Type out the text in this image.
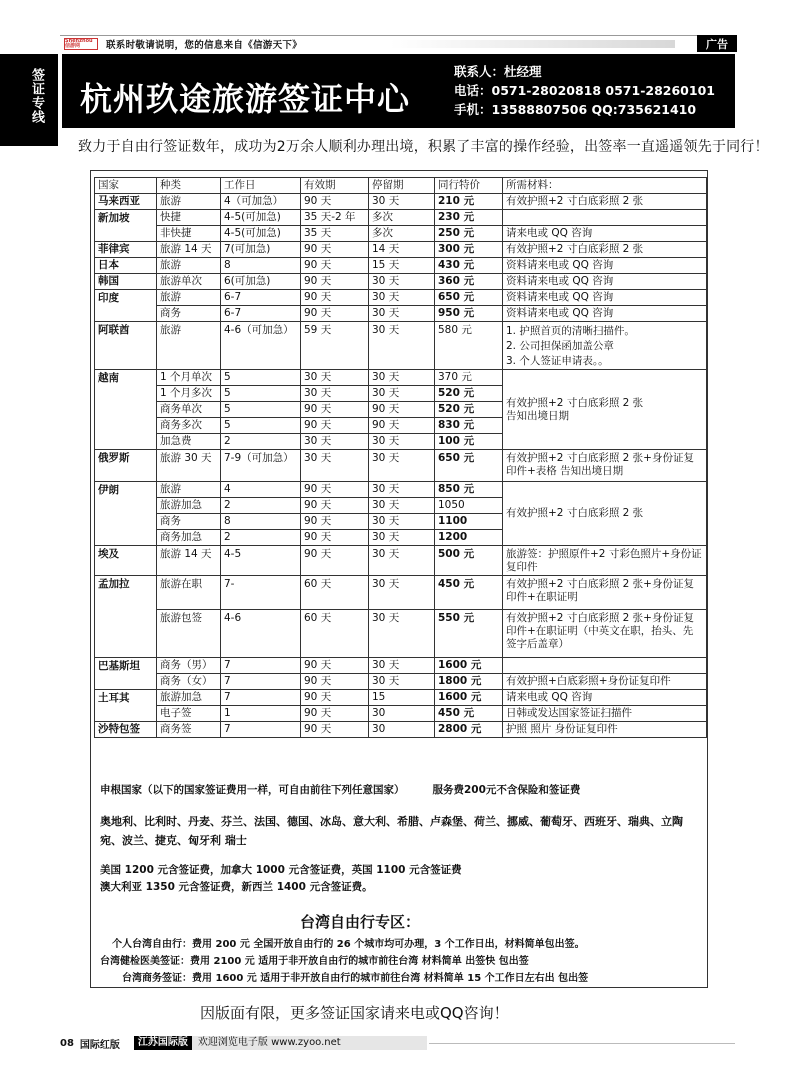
Shenzhou 信游网	联系时敬请说明，您的信息来自《信游天下》	广告
签证专线 杭州玖途旅游签证中心
联系人：杜经理
电话：0571-28020818 0571-28260101
手机：13588807506 QQ:735621410
致力于自由行签证数年，成功为2万余人顺利办理出境，积累了丰富的操作经验，出签率一直遥遥领先于同行！
国家	种类	工作日	有效期	停留期	同行特价	所需材料：
马来西亚	旅游	4（可加急）	90 天	30 天	210 元	有效护照+2 寸白底彩照 2 张
新加坡	快捷	4-5(可加急)	35 天-2 年	多次	230 元	
	非快捷	4-5(可加急)	35 天	多次	250 元	请来电或 QQ 咨询
菲律宾	旅游 14 天	7(可加急)	90 天	14 天	300 元	有效护照+2 寸白底彩照 2 张
日本	旅游	8	90 天	15 天	430 元	资料请来电或 QQ 咨询
韩国	旅游单次	6(可加急)	90 天	30 天	360 元	资料请来电或 QQ 咨询
印度	旅游	6-7	90 天	30 天	650 元	资料请来电或 QQ 咨询
	商务	6-7	90 天	30 天	950 元	资料请来电或 QQ 咨询
阿联酋	旅游	4-6（可加急）	59 天	30 天	580 元	1. 护照首页的清晰扫描件。
2. 公司担保函加盖公章
3. 个人签证申请表。。

越南	1 个月单次	5	30 天	30 天	370 元	有效护照+2 寸白底彩照 2 张
告知出境日期

	1 个月多次	5	30 天	30 天	520 元	
	商务单次	5	90 天	90 天	520 元	
	商务多次	5	90 天	90 天	830 元	
	加急费	2	30 天	30 天	100 元	
俄罗斯	旅游 30 天	7-9（可加急）	30 天	30 天	650 元	有效护照+2 寸白底彩照 2 张+身份证复印件+表格 告知出境日期
伊朗	旅游	4	90 天	30 天	850 元	有效护照+2 寸白底彩照 2 张
	旅游加急	2	90 天	30 天	1050	
	商务	8	90 天	30 天	1100	
	商务加急	2	90 天	30 天	1200	
埃及	旅游 14 天	4-5	90 天	30 天	500 元	旅游签：护照原件+2 寸彩色照片+身份证复印件
孟加拉	旅游在职	7-	60 天	30 天	450 元	有效护照+2 寸白底彩照 2 张+身份证复印件+在职证明
	旅游包签	4-6	60 天	30 天	550 元	有效护照+2 寸白底彩照 2 张+身份证复印件+在职证明（中英文在职，抬头、先签字后盖章）
巴基斯坦	商务（男）	7	90 天	30 天	1600 元	
	商务（女）	7	90 天	30 天	1800 元	有效护照+白底彩照+身份证复印件
土耳其	旅游加急	7	90 天	15	1600 元	请来电或 QQ 咨询
	电子签	1	90 天	30	450 元	日韩或发达国家签证扫描件
沙特包签	商务签	7	90 天	30	2800 元	护照 照片 身份证复印件
申根国家（以下的国家签证费用一样，可自由前往下列任意国家）	服务费200元不含保险和签证费
奥地利、比利时、丹麦、芬兰、法国、德国、冰岛、意大利、希腊、卢森堡、荷兰、挪威、葡萄牙、西班牙、瑞典、立陶宛、波兰、捷克、匈牙利 瑞士
美国 1200 元含签证费，加拿大 1000 元含签证费，英国 1100 元含签证费
澳大利亚 1350 元含签证费，新西兰 1400 元含签证费。
台湾自由行专区：
个人台湾自由行：费用 200 元 全国开放自由行的 26 个城市均可办理，3 个工作日出，材料简单包出签。
台湾健检医美签证：费用 2100 元 适用于非开放自由行的城市前往台湾 材料简单 出签快 包出签
台湾商务签证：费用 1600 元 适用于非开放自由行的城市前往台湾 材料简单 15 个工作日左右出 包出签
因版面有限，更多签证国家请来电或QQ咨询！
08 国际红版	江苏国际版	欢迎浏览电子版 www.zyoo.net
